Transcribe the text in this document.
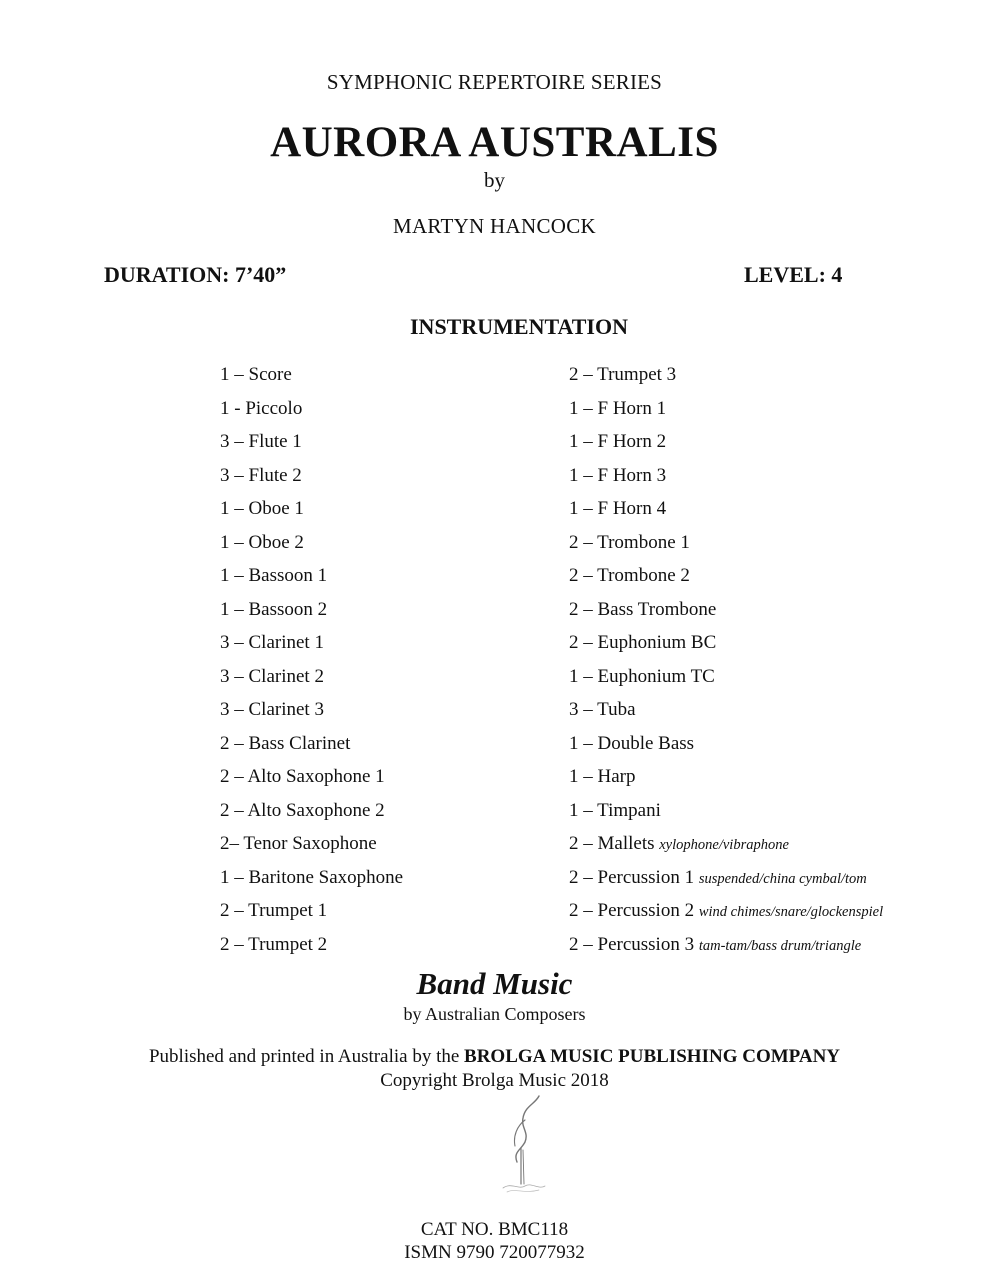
SYMPHONIC REPERTOIRE SERIES
AURORA AUSTRALIS
by
MARTYN HANCOCK
DURATION: 7’40”	LEVEL: 4
INSTRUMENTATION
1 – Score
1 - Piccolo
3 – Flute 1
3 – Flute 2
1 – Oboe 1
1 – Oboe 2
1 – Bassoon 1
1 – Bassoon 2
3 – Clarinet 1
3 – Clarinet 2
3 – Clarinet 3
2 – Bass Clarinet
2 – Alto Saxophone 1
2 – Alto Saxophone 2
2– Tenor Saxophone
1 – Baritone Saxophone
2 – Trumpet 1
2 – Trumpet 2
2 – Trumpet 3
1 – F Horn 1
1 – F Horn 2
1 – F Horn 3
1 – F Horn 4
2 – Trombone 1
2 – Trombone 2
2 – Bass Trombone
2 – Euphonium BC
1 – Euphonium TC
3 – Tuba
1 – Double Bass
1 – Harp
1 – Timpani
2 – Mallets xylophone/vibraphone
2 – Percussion 1 suspended/china cymbal/tom
2 – Percussion 2 wind chimes/snare/glockenspiel
2 – Percussion 3 tam-tam/bass drum/triangle
Band Music
by Australian Composers
Published and printed in Australia by the BROLGA MUSIC PUBLISHING COMPANY
Copyright Brolga Music 2018
CAT NO. BMC118
ISMN 9790 720077932
